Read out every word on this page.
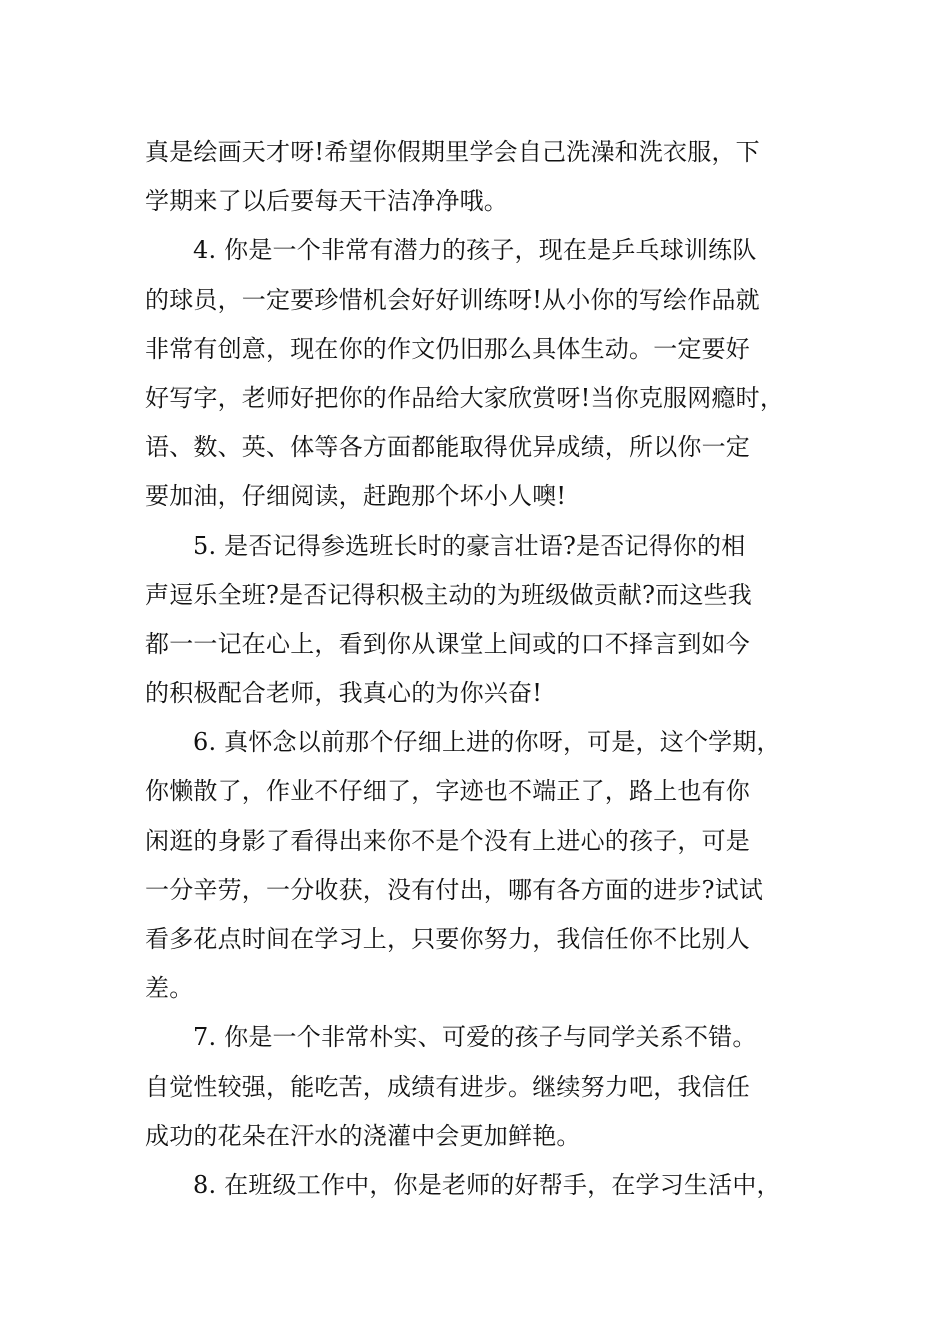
真是绘画天才呀!希望你假期里学会自己洗澡和洗衣服，下
学期来了以后要每天干洁净净哦。

4. 你是一个非常有潜力的孩子，现在是乒乓球训练队
的球员，一定要珍惜机会好好训练呀!从小你的写绘作品就
非常有创意，现在你的作文仍旧那么具体生动。一定要好
好写字，老师好把你的作品给大家欣赏呀!当你克服网瘾时，
语、数、英、体等各方面都能取得优异成绩，所以你一定
要加油，仔细阅读，赶跑那个坏小人噢!

5. 是否记得参选班长时的豪言壮语?是否记得你的相
声逗乐全班?是否记得积极主动的为班级做贡献?而这些我
都一一记在心上，看到你从课堂上间或的口不择言到如今
的积极配合老师，我真心的为你兴奋!

6. 真怀念以前那个仔细上进的你呀，可是，这个学期，
你懒散了，作业不仔细了，字迹也不端正了，路上也有你
闲逛的身影了看得出来你不是个没有上进心的孩子，可是
一分辛劳，一分收获，没有付出，哪有各方面的进步?试试
看多花点时间在学习上，只要你努力，我信任你不比别人
差。

7. 你是一个非常朴实、可爱的孩子与同学关系不错。
自觉性较强，能吃苦，成绩有进步。继续努力吧，我信任
成功的花朵在汗水的浇灌中会更加鲜艳。

8. 在班级工作中，你是老师的好帮手，在学习生活中，
